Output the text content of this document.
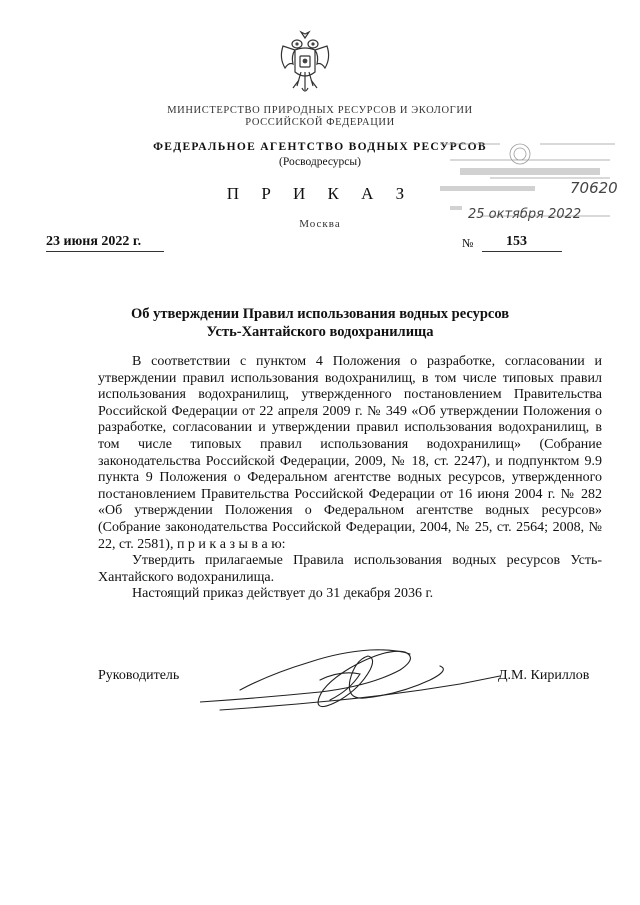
МИНИСТЕРСТВО ПРИРОДНЫХ РЕСУРСОВ И ЭКОЛОГИИ
РОССИЙСКОЙ ФЕДЕРАЦИИ
ФЕДЕРАЛЬНОЕ АГЕНТСТВО ВОДНЫХ РЕСУРСОВ
(Росводресурсы)
П Р И К А З
Москва
70620
25 октября 2022
23 июня 2022 г.	№ 153
Об утверждении Правил использования водных ресурсов
Усть-Хантайского водохранилища

В соответствии с пунктом 4 Положения о разработке, согласовании и утверждении правил использования водохранилищ, в том числе типовых правил использования водохранилищ, утвержденного постановлением Правительства Российской Федерации от 22 апреля 2009 г. № 349 «Об утверждении Положения о разработке, согласовании и утверждении правил использования водохранилищ, в том числе типовых правил использования водохранилищ» (Собрание законодательства Российской Федерации, 2009, № 18, ст. 2247), и подпунктом 9.9 пункта 9 Положения о Федеральном агентстве водных ресурсов, утвержденного постановлением Правительства Российской Федерации от 16 июня 2004 г. № 282 «Об утверждении Положения о Федеральном агентстве водных ресурсов» (Собрание законодательства Российской Федерации, 2004, № 25, ст. 2564; 2008, № 22, ст. 2581), п р и к а з ы в а ю:

Утвердить прилагаемые Правила использования водных ресурсов Усть-Хантайского водохранилища.

Настоящий приказ действует до 31 декабря 2036 г.

Руководитель	Д.М. Кириллов
